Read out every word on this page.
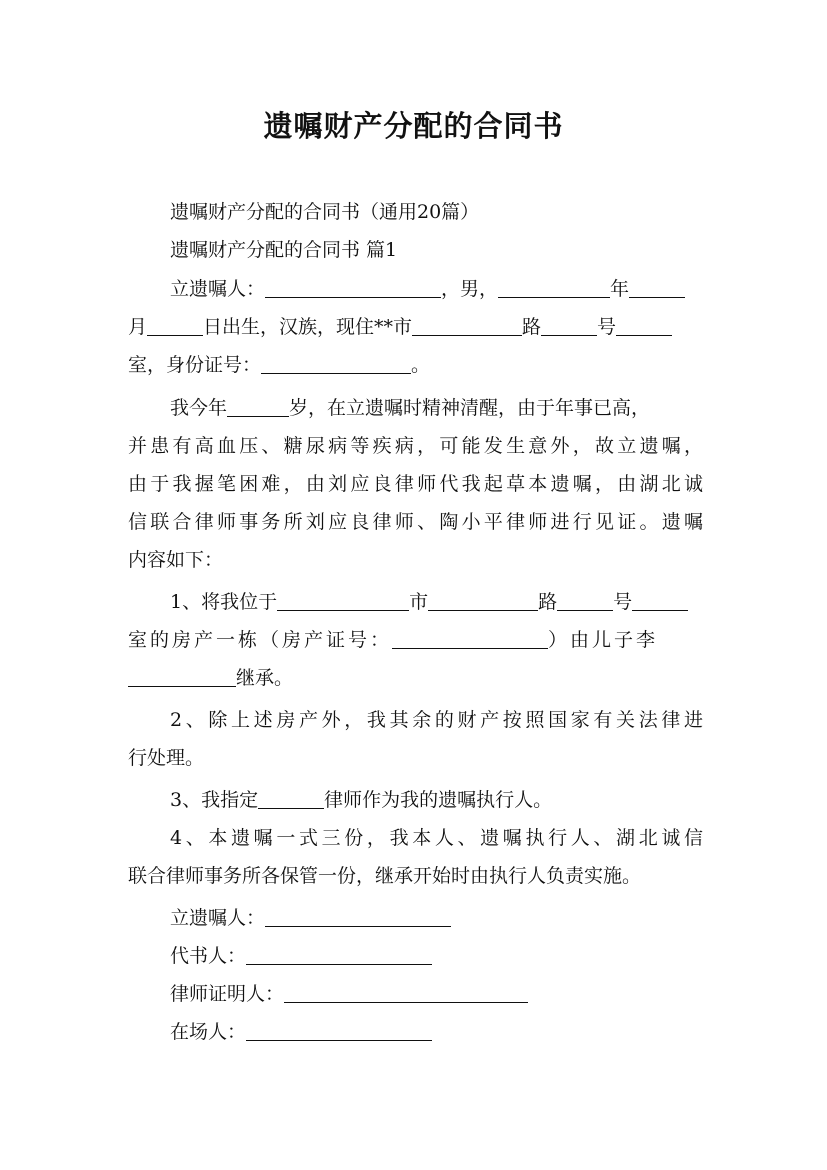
遗嘱财产分配的合同书
遗嘱财产分配的合同书（通用20篇）
遗嘱财产分配的合同书 篇1
立遗嘱人：	，男，	年
月	日出生，汉族，现住**市	路	号
室，身份证号：	。
我今年	岁，在立遗嘱时精神清醒，由于年事已高，
并患有高血压、糖尿病等疾病，可能发生意外，故立遗嘱，
由于我握笔困难，由刘应良律师代我起草本遗嘱，由湖北诚
信联合律师事务所刘应良律师、陶小平律师进行见证。遗嘱
内容如下：
1、将我位于	市	路	号
室的房产一栋（房产证号：	）由儿子李
继承。
2、除上述房产外，我其余的财产按照国家有关法律进
行处理。
3、我指定	律师作为我的遗嘱执行人。
4、本遗嘱一式三份，我本人、遗嘱执行人、湖北诚信
联合律师事务所各保管一份，继承开始时由执行人负责实施。
立遗嘱人：
代书人：
律师证明人：
在场人：
